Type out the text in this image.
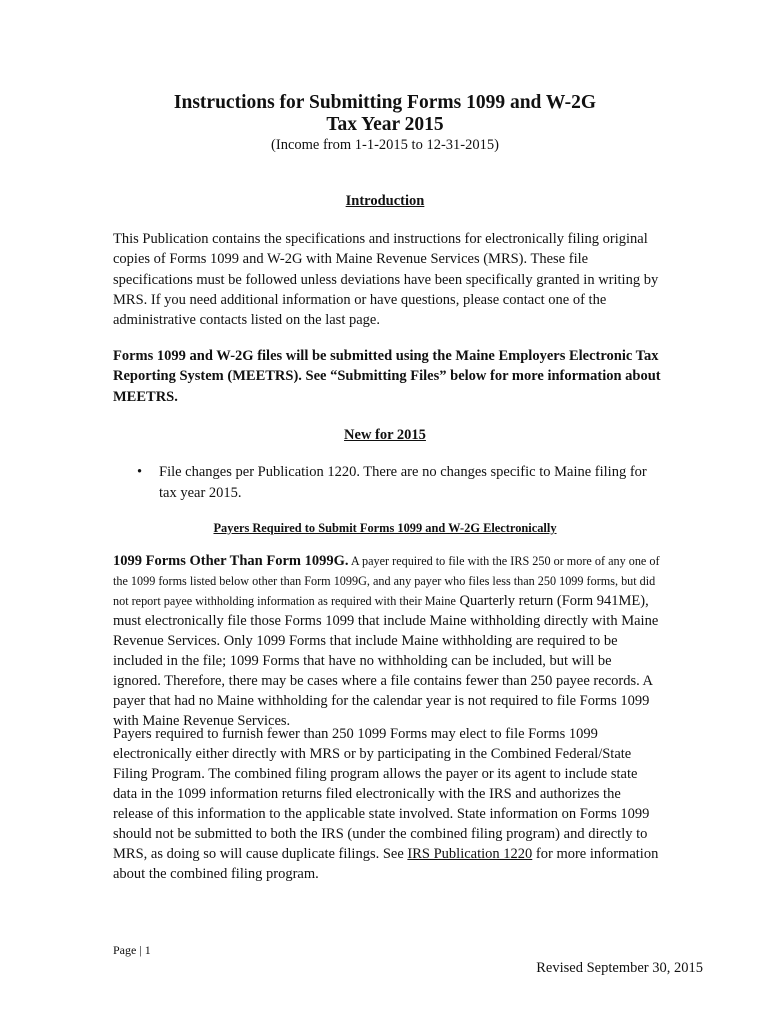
Instructions for Submitting Forms 1099 and W-2G
Tax Year 2015
(Income from 1-1-2015 to 12-31-2015)
Introduction
This Publication contains the specifications and instructions for electronically filing original copies of Forms 1099 and W-2G with Maine Revenue Services (MRS). These file specifications must be followed unless deviations have been specifically granted in writing by MRS. If you need additional information or have questions, please contact one of the administrative contacts listed on the last page.
Forms 1099 and W-2G files will be submitted using the Maine Employers Electronic Tax Reporting System (MEETRS). See “Submitting Files” below for more information about MEETRS.
New for 2015
• File changes per Publication 1220. There are no changes specific to Maine filing for tax year 2015.
Payers Required to Submit Forms 1099 and W-2G Electronically
1099 Forms Other Than Form 1099G. A payer required to file with the IRS 250 or more of any one of the 1099 forms listed below other than Form 1099G, and any payer who files less than 250 1099 forms, but did not report payee withholding information as required with their Maine Quarterly return (Form 941ME), must electronically file those Forms 1099 that include Maine withholding directly with Maine Revenue Services. Only 1099 Forms that include Maine withholding are required to be included in the file; 1099 Forms that have no withholding can be included, but will be ignored. Therefore, there may be cases where a file contains fewer than 250 payee records. A payer that had no Maine withholding for the calendar year is not required to file Forms 1099 with Maine Revenue Services.
Payers required to furnish fewer than 250 1099 Forms may elect to file Forms 1099 electronically either directly with MRS or by participating in the Combined Federal/State Filing Program. The combined filing program allows the payer or its agent to include state data in the 1099 information returns filed electronically with the IRS and authorizes the release of this information to the applicable state involved. State information on Forms 1099 should not be submitted to both the IRS (under the combined filing program) and directly to MRS, as doing so will cause duplicate filings. See IRS Publication 1220 for more information about the combined filing program.
Page | 1
Revised September 30, 2015
